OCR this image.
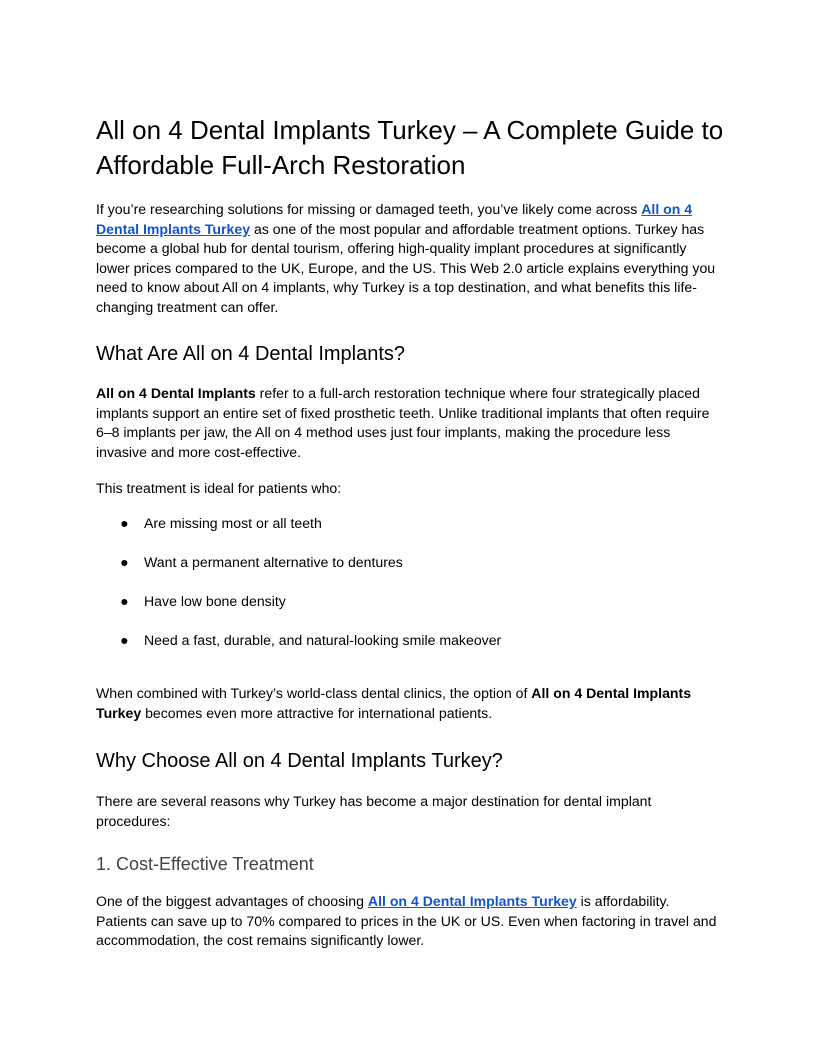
All on 4 Dental Implants Turkey – A Complete Guide to Affordable Full-Arch Restoration

If you’re researching solutions for missing or damaged teeth, you’ve likely come across All on 4 Dental Implants Turkey as one of the most popular and affordable treatment options. Turkey has become a global hub for dental tourism, offering high-quality implant procedures at significantly lower prices compared to the UK, Europe, and the US. This Web 2.0 article explains everything you need to know about All on 4 implants, why Turkey is a top destination, and what benefits this life-changing treatment can offer.

What Are All on 4 Dental Implants?

All on 4 Dental Implants refer to a full-arch restoration technique where four strategically placed implants support an entire set of fixed prosthetic teeth. Unlike traditional implants that often require 6–8 implants per jaw, the All on 4 method uses just four implants, making the procedure less invasive and more cost-effective.

This treatment is ideal for patients who:

● Are missing most or all teeth
● Want a permanent alternative to dentures
● Have low bone density
● Need a fast, durable, and natural-looking smile makeover

When combined with Turkey’s world-class dental clinics, the option of All on 4 Dental Implants Turkey becomes even more attractive for international patients.

Why Choose All on 4 Dental Implants Turkey?

There are several reasons why Turkey has become a major destination for dental implant procedures:

1. Cost-Effective Treatment

One of the biggest advantages of choosing All on 4 Dental Implants Turkey is affordability. Patients can save up to 70% compared to prices in the UK or US. Even when factoring in travel and accommodation, the cost remains significantly lower.
